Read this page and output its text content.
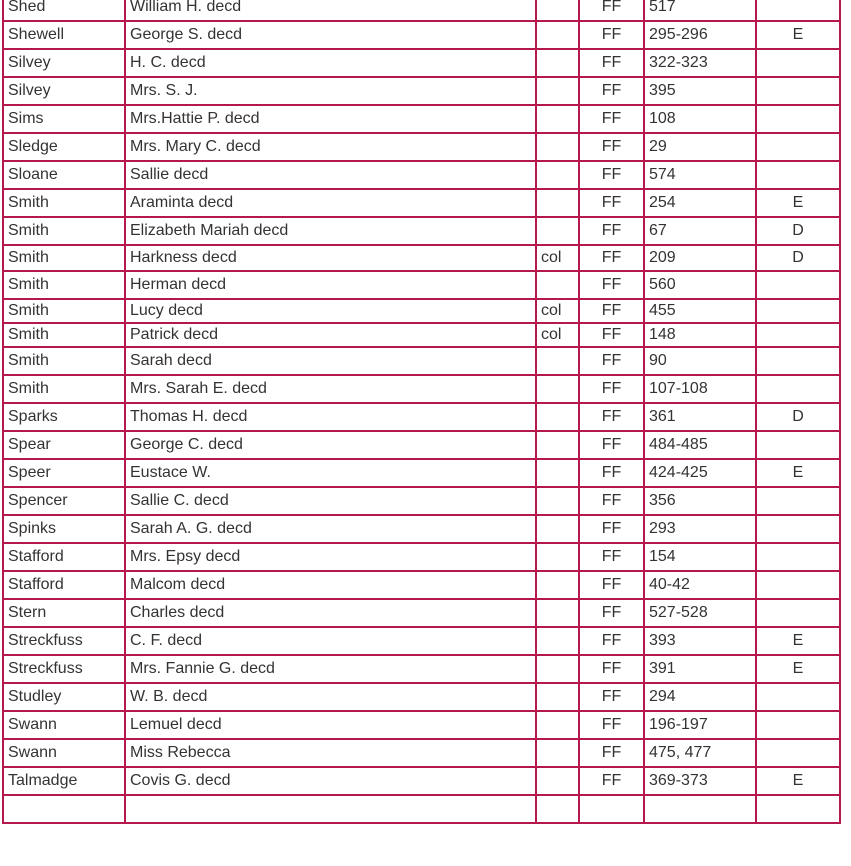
Shed	William H. decd		FF	517	
Shewell	George S. decd		FF	295-296	E
Silvey	H. C. decd		FF	322-323	
Silvey	Mrs. S. J.		FF	395	
Sims	Mrs.Hattie P. decd		FF	108	
Sledge	Mrs. Mary C. decd		FF	29	
Sloane	Sallie decd		FF	574	
Smith	Araminta decd		FF	254	E
Smith	Elizabeth Mariah decd		FF	67	D
Smith	Harkness decd	col	FF	209	D
Smith	Herman decd		FF	560	
Smith	Lucy decd	col	FF	455	
Smith	Patrick decd	col	FF	148	
Smith	Sarah decd		FF	90	
Smith	Mrs. Sarah E. decd		FF	107-108	
Sparks	Thomas H. decd		FF	361	D
Spear	George C. decd		FF	484-485	
Speer	Eustace W.		FF	424-425	E
Spencer	Sallie C. decd		FF	356	
Spinks	Sarah A. G. decd		FF	293	
Stafford	Mrs. Epsy decd		FF	154	
Stafford	Malcom decd		FF	40-42	
Stern	Charles decd		FF	527-528	
Streckfuss	C. F. decd		FF	393	E
Streckfuss	Mrs. Fannie G. decd		FF	391	E
Studley	W. B. decd		FF	294	
Swann	Lemuel decd		FF	196-197	
Swann	Miss Rebecca		FF	475, 477	
Talmadge	Covis G. decd		FF	369-373	E
